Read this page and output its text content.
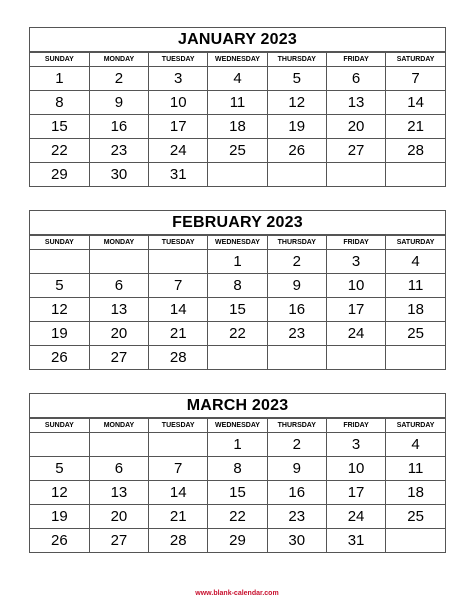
JANUARY 2023
SUNDAY	MONDAY	TUESDAY	WEDNESDAY	THURSDAY	FRIDAY	SATURDAY
1	2	3	4	5	6	7
8	9	10	11	12	13	14
15	16	17	18	19	20	21
22	23	24	25	26	27	28
29	30	31				
FEBRUARY 2023
SUNDAY	MONDAY	TUESDAY	WEDNESDAY	THURSDAY	FRIDAY	SATURDAY
			1	2	3	4
5	6	7	8	9	10	11
12	13	14	15	16	17	18
19	20	21	22	23	24	25
26	27	28				
MARCH 2023
SUNDAY	MONDAY	TUESDAY	WEDNESDAY	THURSDAY	FRIDAY	SATURDAY
			1	2	3	4
5	6	7	8	9	10	11
12	13	14	15	16	17	18
19	20	21	22	23	24	25
26	27	28	29	30	31	
www.blank-calendar.com
